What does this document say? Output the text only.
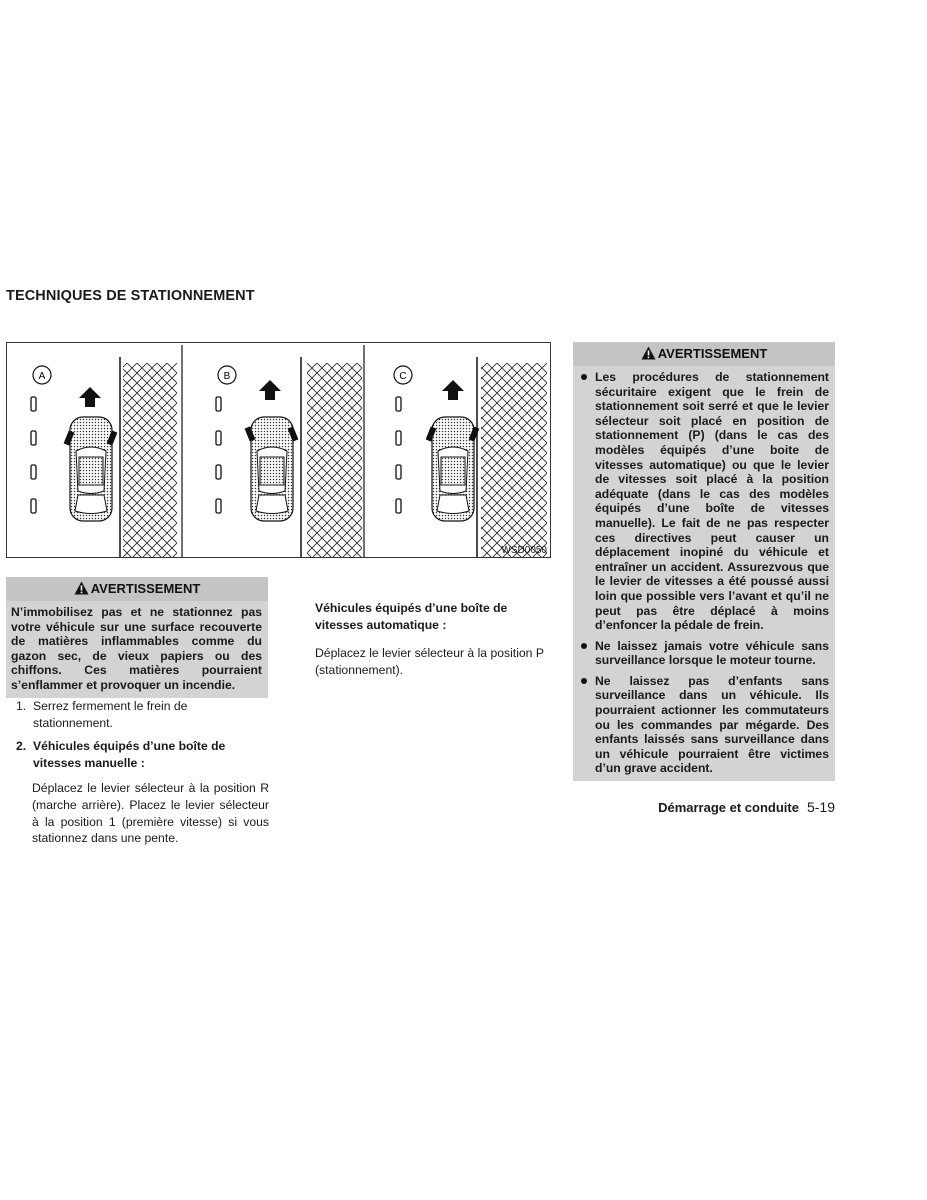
TECHNIQUES DE STATIONNEMENT
A	B	C
WSD0050
AVERTISSEMENT
N’immobilisez pas et ne stationnez pas votre véhicule sur une surface recouverte de matières inflammables comme du gazon sec, de vieux papiers ou des chiffons. Ces matières pourraient s’enflammer et provoquer un incendie.
1. Serrez fermement le frein de stationnement.
2. Véhicules équipés d’une boîte de vitesses manuelle :
Déplacez le levier sélecteur à la position R (marche arrière). Placez le levier sélecteur à la position 1 (première vitesse) si vous stationnez dans une pente.

Véhicules équipés d’une boîte de vitesses automatique :

Déplacez le levier sélecteur à la position P (stationnement).

AVERTISSEMENT
Les procédures de stationnement sécuritaire exigent que le frein de stationnement soit serré et que le levier sélecteur soit placé en position de stationnement (P) (dans le cas des modèles équipés d’une boite de vitesses automatique) ou que le levier de vitesses soit placé à la position adéquate (dans le cas des modèles équipés d’une boîte de vitesses manuelle). Le fait de ne pas respecter ces directives peut causer un déplacement inopiné du véhicule et entraîner un accident. Assurezvous que le levier de vitesses a été poussé aussi loin que possible vers l’avant et qu’il ne peut pas être déplacé à moins d’enfoncer la pédale de frein.
Ne laissez jamais votre véhicule sans surveillance lorsque le moteur tourne.
Ne laissez pas d’enfants sans surveillance dans un véhicule. Ils pourraient actionner les commutateurs ou les commandes par mégarde. Des enfants laissés sans surveillance dans un véhicule pourraient être victimes d’un grave accident.
Démarrage et conduite 5-19
